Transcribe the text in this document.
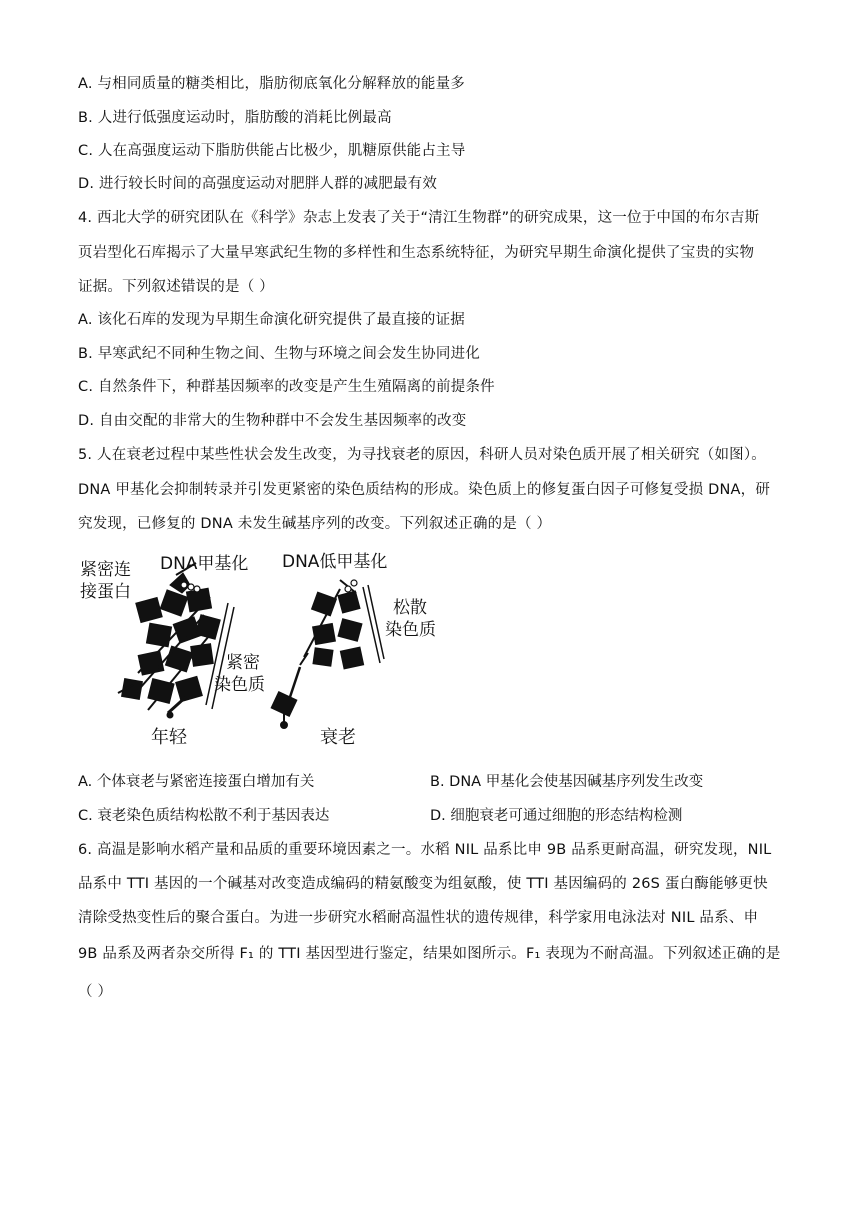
A. 与相同质量的糖类相比，脂肪彻底氧化分解释放的能量多
B. 人进行低强度运动时，脂肪酸的消耗比例最高
C. 人在高强度运动下脂肪供能占比极少，肌糖原供能占主导
D. 进行较长时间的高强度运动对肥胖人群的减肥最有效
4. 西北大学的研究团队在《科学》杂志上发表了关于“清江生物群”的研究成果，这一位于中国的布尔吉斯
页岩型化石库揭示了大量早寒武纪生物的多样性和生态系统特征，为研究早期生命演化提供了宝贵的实物
证据。下列叙述错误的是（ ）
A. 该化石库的发现为早期生命演化研究提供了最直接的证据
B. 早寒武纪不同种生物之间、生物与环境之间会发生协同进化
C. 自然条件下，种群基因频率的改变是产生生殖隔离的前提条件
D. 自由交配的非常大的生物种群中不会发生基因频率的改变
5. 人在衰老过程中某些性状会发生改变，为寻找衰老的原因，科研人员对染色质开展了相关研究（如图）。
DNA 甲基化会抑制转录并引发更紧密的染色质结构的形成。染色质上的修复蛋白因子可修复受损 DNA，研
究发现，已修复的 DNA 未发生碱基序列的改变。下列叙述正确的是（ ）
紧密连
接蛋白
DNA甲基化 DNA低甲基化
紧密
染色质
松散
染色质
年轻	衰老
A. 个体衰老与紧密连接蛋白增加有关	B. DNA 甲基化会使基因碱基序列发生改变
C. 衰老染色质结构松散不利于基因表达	D. 细胞衰老可通过细胞的形态结构检测
6. 高温是影响水稻产量和品质的重要环境因素之一。水稻 NIL 品系比申 9B 品系更耐高温，研究发现，NIL
品系中 TTI 基因的一个碱基对改变造成编码的精氨酸变为组氨酸，使 TTI 基因编码的 26S 蛋白酶能够更快
清除受热变性后的聚合蛋白。为进一步研究水稻耐高温性状的遗传规律，科学家用电泳法对 NIL 品系、申
9B 品系及两者杂交所得 F₁ 的 TTI 基因型进行鉴定，结果如图所示。F₁ 表现为不耐高温。下列叙述正确的是
（ ）
